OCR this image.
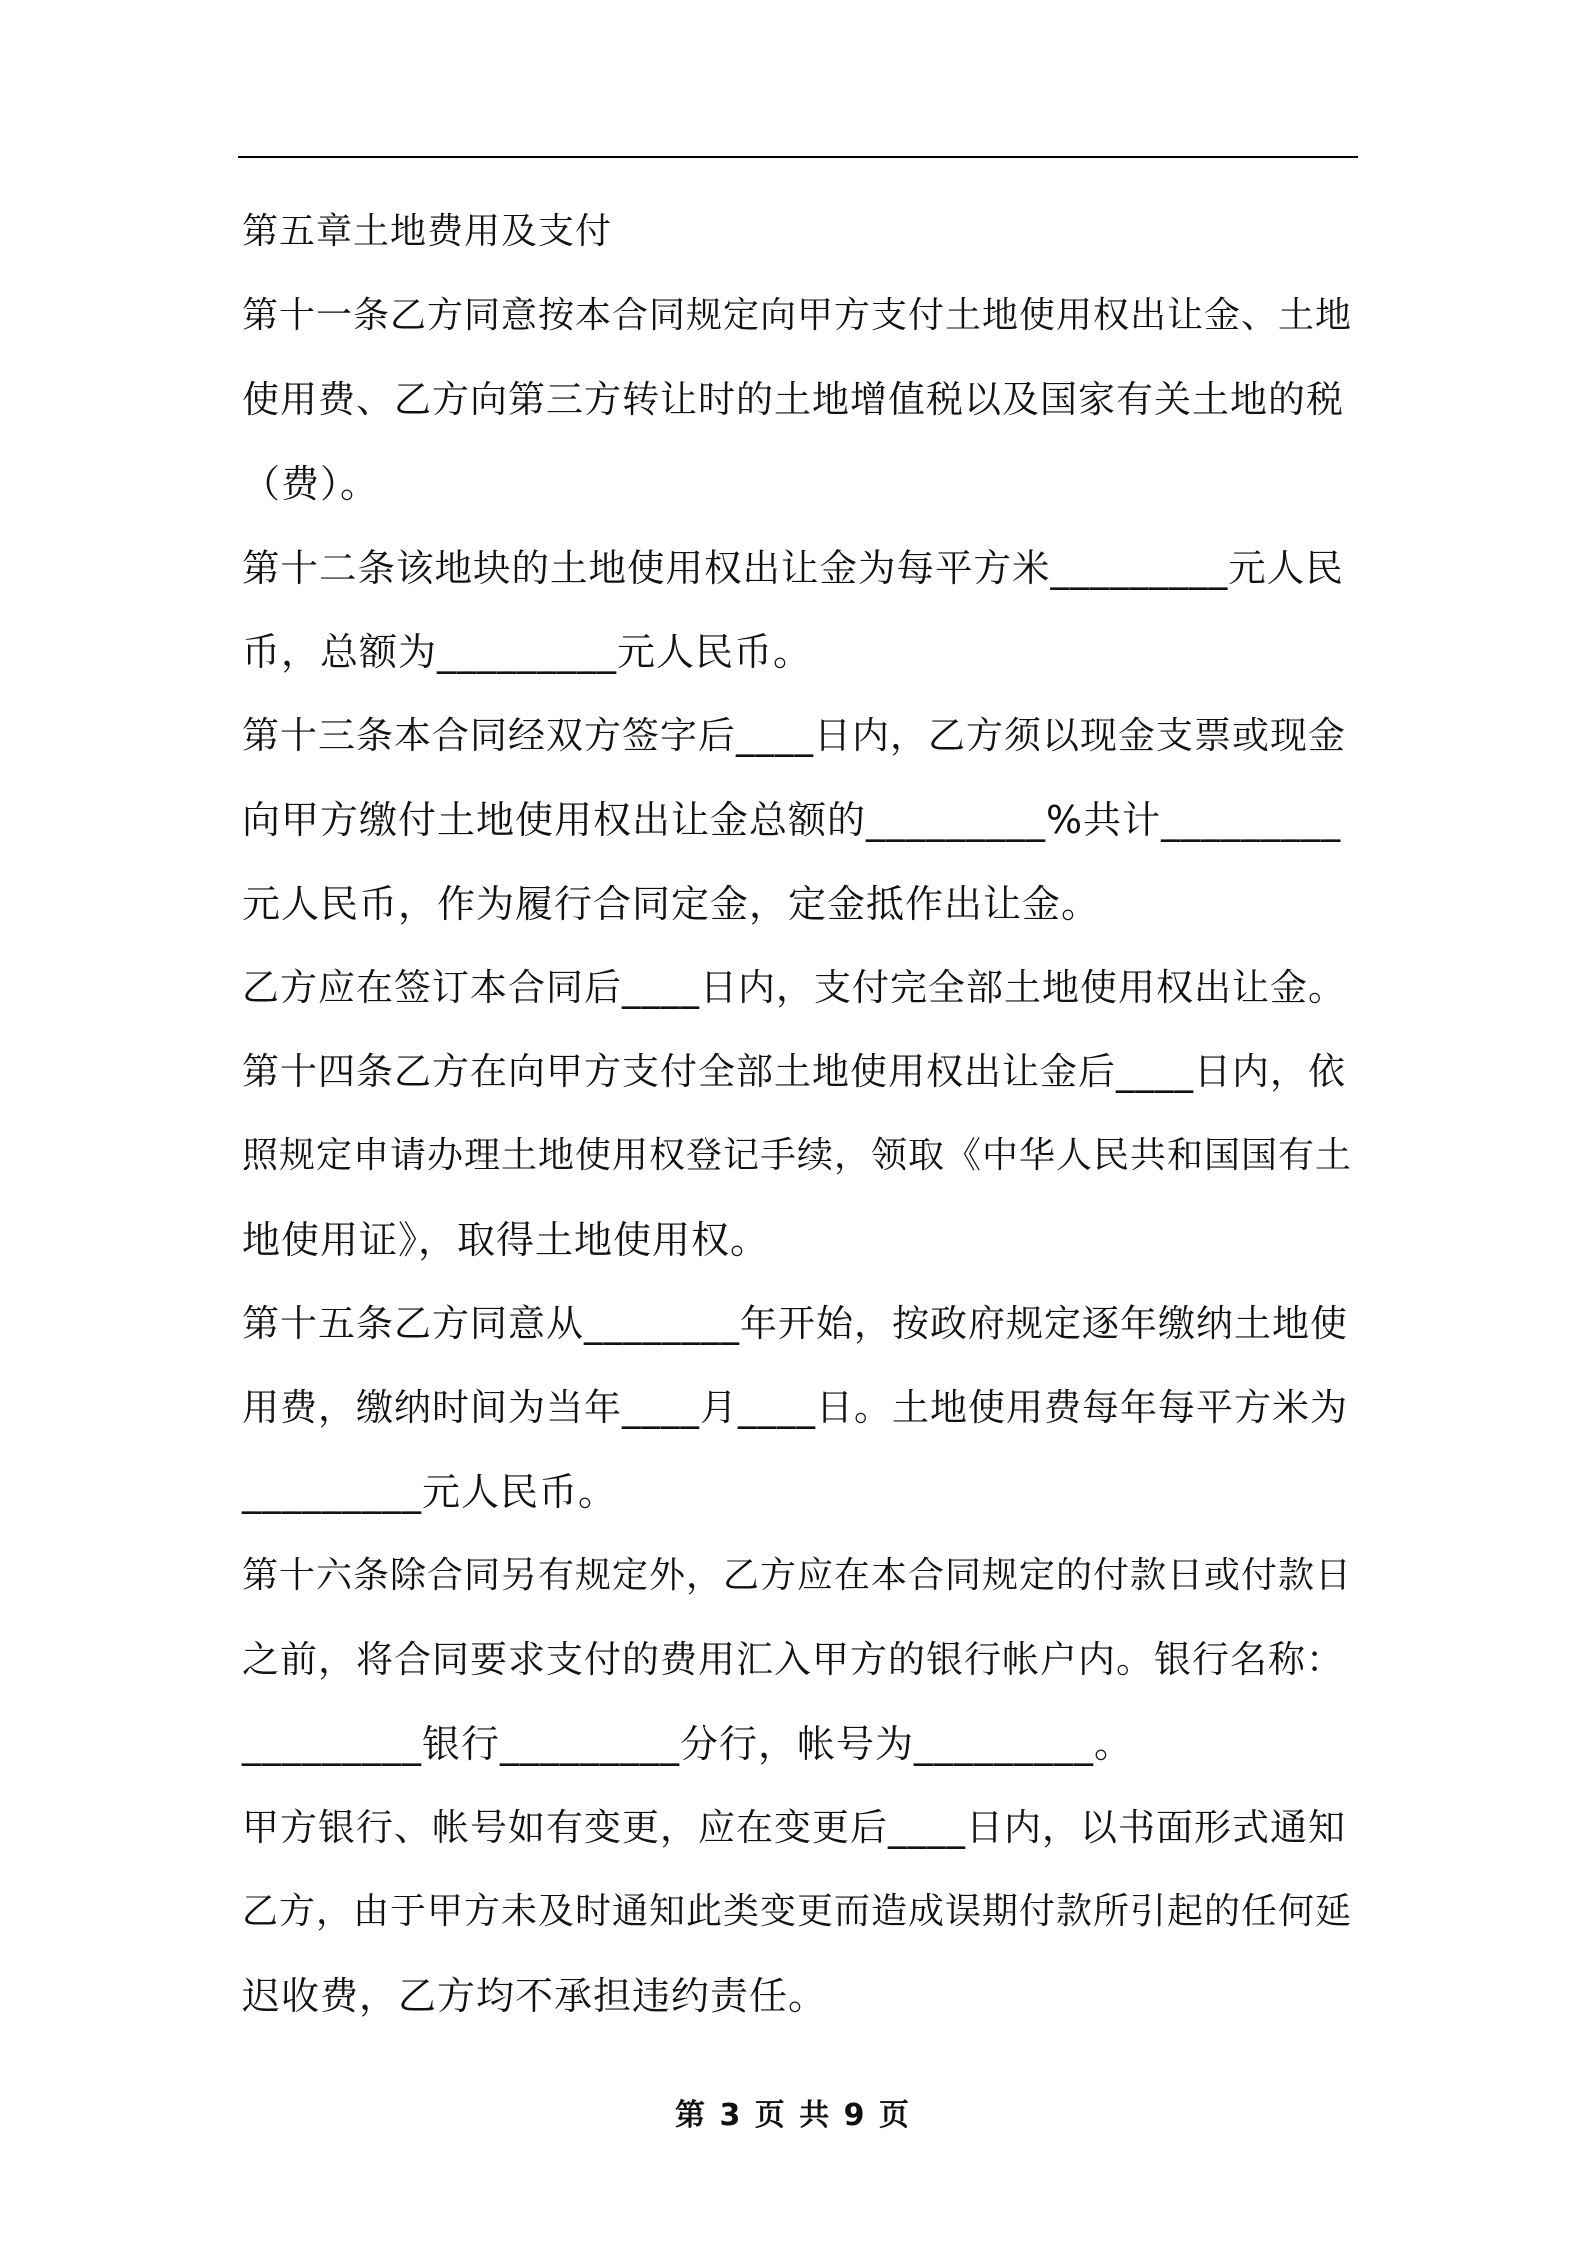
第五章土地费用及支付
第十一条乙方同意按本合同规定向甲方支付土地使用权出让金、土地
使用费、乙方向第三方转让时的土地增值税以及国家有关土地的税
（费）。
第十二条该地块的土地使用权出让金为每平方米_________元人民
币，总额为_________元人民币。
第十三条本合同经双方签字后____日内，乙方须以现金支票或现金
向甲方缴付土地使用权出让金总额的_________%共计_________
元人民币，作为履行合同定金，定金抵作出让金。
乙方应在签订本合同后____日内，支付完全部土地使用权出让金。
第十四条乙方在向甲方支付全部土地使用权出让金后____日内，依
照规定申请办理土地使用权登记手续，领取《中华人民共和国国有土
地使用证》，取得土地使用权。
第十五条乙方同意从________年开始，按政府规定逐年缴纳土地使
用费，缴纳时间为当年____月____日。土地使用费每年每平方米为
_________元人民币。
第十六条除合同另有规定外，乙方应在本合同规定的付款日或付款日
之前，将合同要求支付的费用汇入甲方的银行帐户内。银行名称：
_________银行_________分行，帐号为_________。
甲方银行、帐号如有变更，应在变更后____日内，以书面形式通知
乙方，由于甲方未及时通知此类变更而造成误期付款所引起的任何延
迟收费，乙方均不承担违约责任。
第 3 页 共 9 页
